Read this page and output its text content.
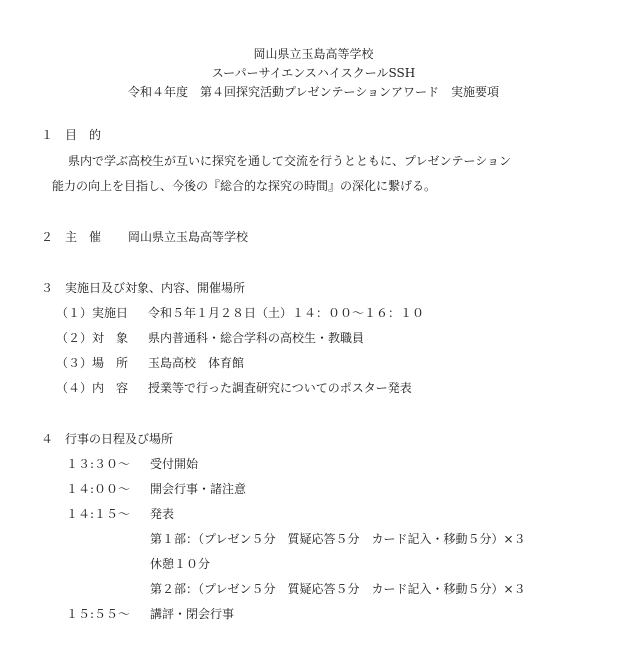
岡山県立玉島高等学校
スーパーサイエンスハイスクールSSH
令和４年度　第４回探究活動プレゼンテーションアワード　実施要項
１　目　的
県内で学ぶ高校生が互いに探究を通して交流を行うとともに、プレゼンテーション
能力の向上を目指し、今後の『総合的な探究の時間』の深化に繋げる。
２　主　催 岡山県立玉島高等学校
３　実施日及び対象、内容、開催場所
（１）実施日 令和５年１月２８日（土）１４：００～１６：１０
（２）対　象 県内普通科・総合学科の高校生・教職員
（３）場　所 玉島高校　体育館
（４）内　容 授業等で行った調査研究についてのポスター発表
４　行事の日程及び場所
１３:３０～ 受付開始
１４:００～ 開会行事・諸注意
１４:１５～ 発表
第１部：（プレゼン５分　質疑応答５分　カード記入・移動５分）×３
休憩１０分
第２部：（プレゼン５分　質疑応答５分　カード記入・移動５分）×３
１５:５５～ 講評・閉会行事
